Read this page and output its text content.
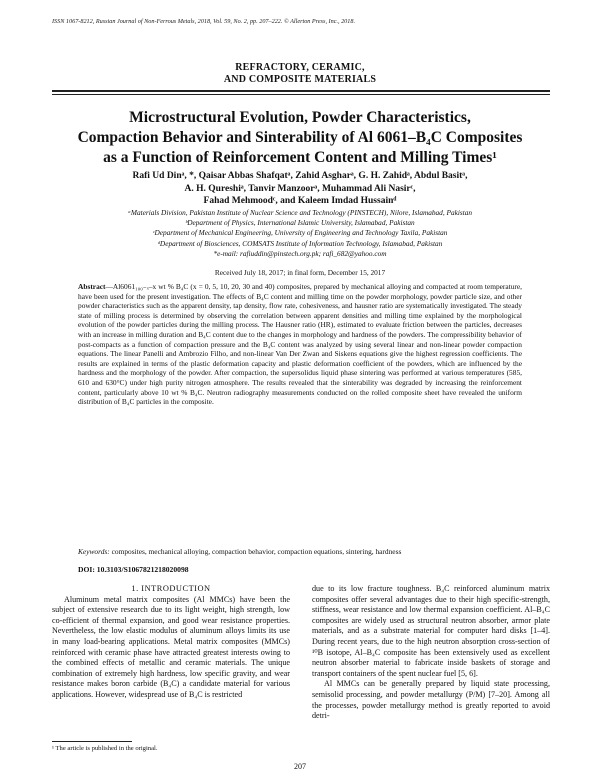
ISSN 1067-8212, Russian Journal of Non-Ferrous Metals, 2018, Vol. 59, No. 2, pp. 207–222. © Allerton Press, Inc., 2018.
REFRACTORY, CERAMIC,
AND COMPOSITE MATERIALS
Microstructural Evolution, Powder Characteristics,
Compaction Behavior and Sinterability of Al 6061–B₄C Composites
as a Function of Reinforcement Content and Milling Times¹
Rafi Ud Dinᵃ, *, Qaisar Abbas Shafqatᵃ, Zahid Asgharᵃ, G. H. Zahidᵃ, Abdul Basitᵃ,
A. H. Qureshiᵃ, Tanvir Manzoorᵃ, Muhammad Ali Nasirᶜ,
Fahad Mehmoodᶜ, and Kaleem Imdad Hussainᵈ
ᵃMaterials Division, Pakistan Institute of Nuclear Science and Technology (PINSTECH), Nilore, Islamabad, Pakistan
ᵇDepartment of Physics, International Islamic University, Islamabad, Pakistan
ᶜDepartment of Mechanical Engineering, University of Engineering and Technology Taxila, Pakistan
ᵈDepartment of Biosciences, COMSATS Institute of Information Technology, Islamabad, Pakistan
*e-mail: rafiuddin@pinstech.org.pk; rafi_682@yahoo.com
Received July 18, 2017; in final form, December 15, 2017
Abstract—Al6061₁₀₀₋ₓ–x wt % B₄C (x = 0, 5, 10, 20, 30 and 40) composites, prepared by mechanical alloying and compacted at room temperature, have been used for the present investigation. The effects of B₄C content and milling time on the powder morphology, powder particle size, and other powder characteristics such as the apparent density, tap density, flow rate, cohesiveness, and hausner ratio are systematically investigated. The steady state of milling process is determined by observing the correlation between apparent densities and milling time explained by the morphological evolution of the powder particles during the milling process. The Hausner ratio (HR), estimated to evaluate friction between the particles, decreases with an increase in milling duration and B₄C content due to the changes in morphology and hardness of the powders. The compressibility behavior of post-compacts as a function of compaction pressure and the B₄C content was analyzed by using several linear and non-linear powder compaction equations. The linear Panelli and Ambrozio Filho, and non-linear Van Der Zwan and Siskens equations give the highest regression coefficients. The results are explained in terms of the plastic deformation capacity and plastic deformation coefficient of the powders, which are influenced by the hardness and the morphology of the powder. After compaction, the supersolidus liquid phase sintering was performed at various temperatures (585, 610 and 630°C) under high purity nitrogen atmosphere. The results revealed that the sinterability was degraded by increasing the reinforcement content, particularly above 10 wt % B₄C. Neutron radiography measurements conducted on the rolled composite sheet have revealed the uniform distribution of B₄C particles in the composite.
Keywords: composites, mechanical alloying, compaction behavior, compaction equations, sintering, hardness
DOI: 10.3103/S1067821218020098

1. INTRODUCTION

Aluminum metal matrix composites (Al MMCs) have been the subject of extensive research due to its light weight, high strength, low co-efficient of thermal expansion, and good wear resistance properties. Nevertheless, the low elastic modulus of aluminum alloys limits its use in many load-bearing applications. Metal matrix composites (MMCs) reinforced with ceramic phase have attracted greatest interests owing to the combined effects of metallic and ceramic materials. The unique combination of extremely high hardness, low specific gravity, and wear resistance makes boron carbide (B₄C) a candidate material for various applications. However, widespread use of B₄C is restricted

due to its low fracture toughness. B₄C reinforced aluminum matrix composites offer several advantages due to their high specific-strength, stiffness, wear resistance and low thermal expansion coefficient. Al–B₄C composites are widely used as structural neutron absorber, armor plate materials, and as a substrate material for computer hard disks [1–4]. During recent years, due to the high neutron absorption cross-section of ¹⁰B isotope, Al–B₄C composite has been extensively used as excellent neutron absorber material to fabricate inside baskets of storage and transport containers of the spent nuclear fuel [5, 6].

Al MMCs can be generally prepared by liquid state processing, semisolid processing, and powder metallurgy (P/M) [7–20]. Among all the processes, powder metallurgy method is greatly reported to avoid detri-

¹ The article is published in the original.
207
